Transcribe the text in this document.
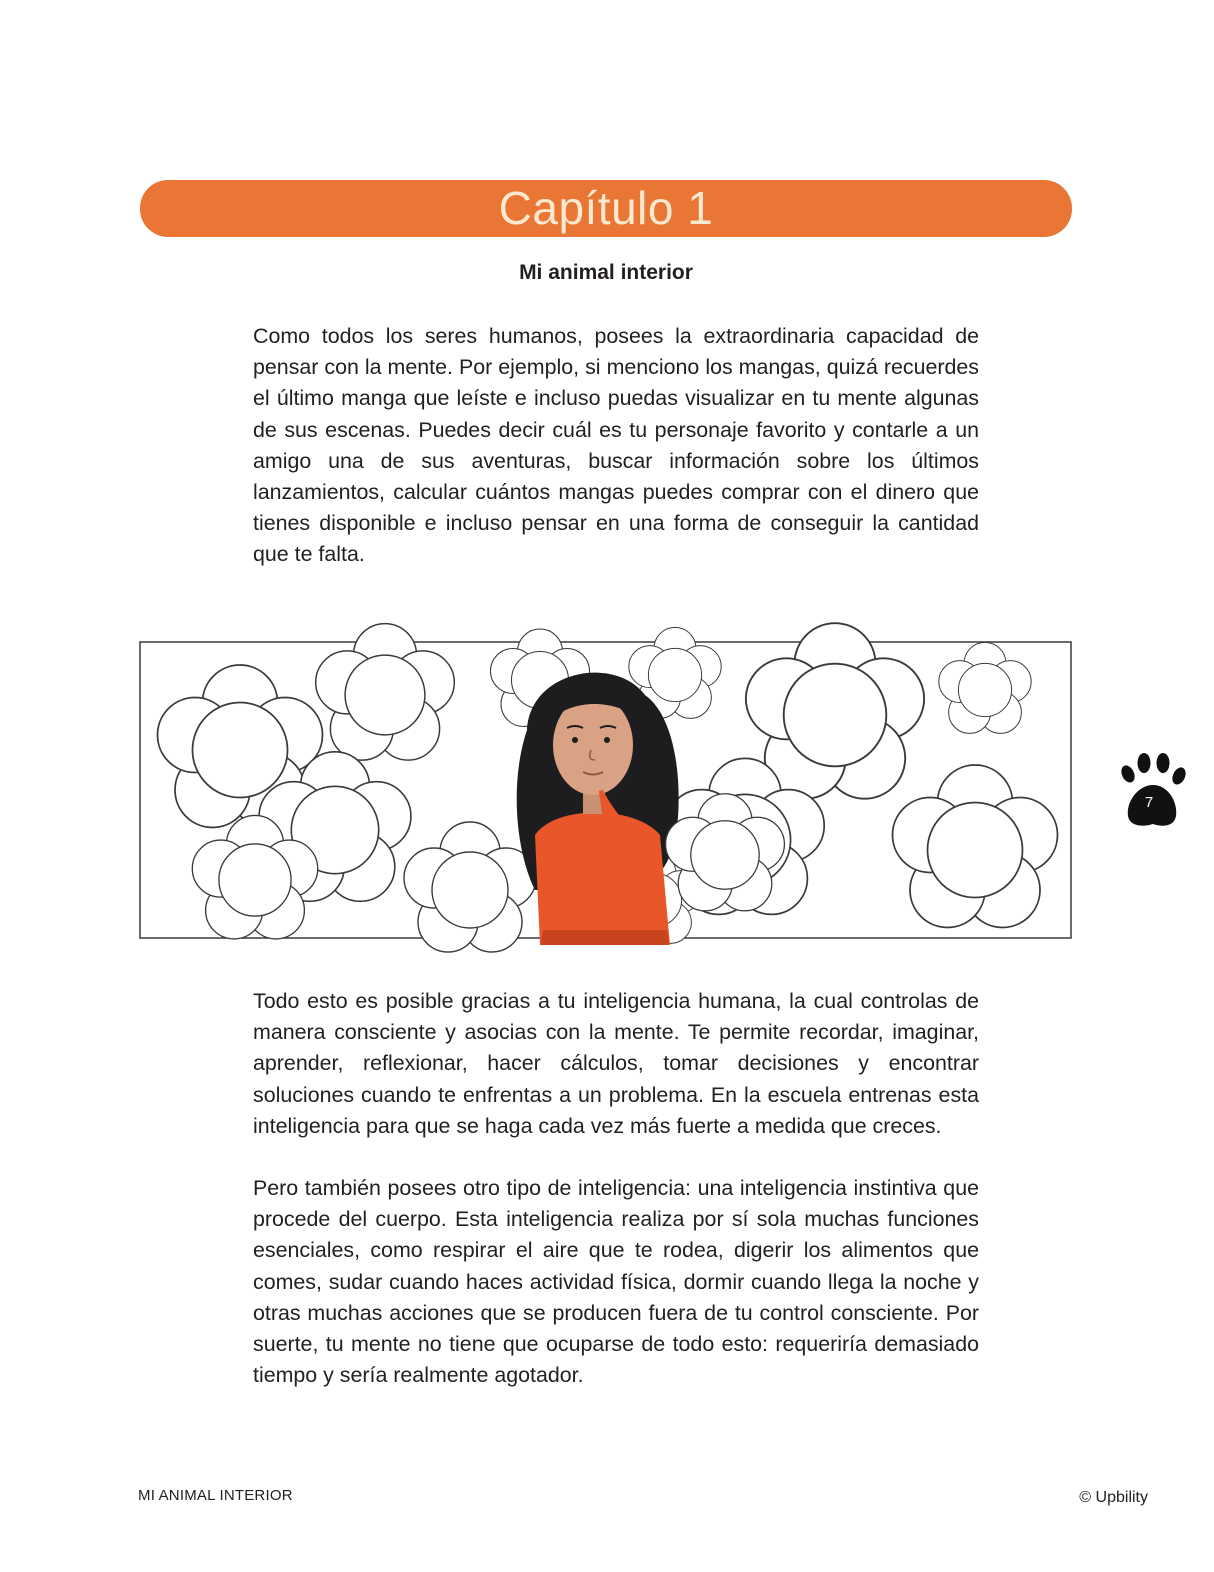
Capítulo 1
Mi animal interior

Como todos los seres humanos, posees la extraordinaria capacidad de pensar con la mente. Por ejemplo, si menciono los mangas, quizá recuerdes el último manga que leíste e incluso puedas visualizar en tu mente algunas de sus escenas. Puedes decir cuál es tu personaje favorito y contarle a un amigo una de sus aventuras, buscar información sobre los últimos lanzamientos, calcular cuántos mangas puedes comprar con el dinero que tienes disponible e incluso pensar en una forma de conseguir la cantidad que te falta.

Todo esto es posible gracias a tu inteligencia humana, la cual controlas de manera consciente y asocias con la mente. Te permite recordar, imaginar, aprender, reflexionar, hacer cálculos, tomar decisiones y encontrar soluciones cuando te enfrentas a un problema. En la escuela entrenas esta inteligencia para que se haga cada vez más fuerte a medida que creces.

Pero también posees otro tipo de inteligencia: una inteligencia instintiva que procede del cuerpo. Esta inteligencia realiza por sí sola muchas funciones esenciales, como respirar el aire que te rodea, digerir los alimentos que comes, sudar cuando haces actividad física, dormir cuando llega la noche y otras muchas acciones que se producen fuera de tu control consciente. Por suerte, tu mente no tiene que ocuparse de todo esto: requeriría demasiado tiempo y sería realmente agotador.

7
MI ANIMAL INTERIOR	© Upbility
